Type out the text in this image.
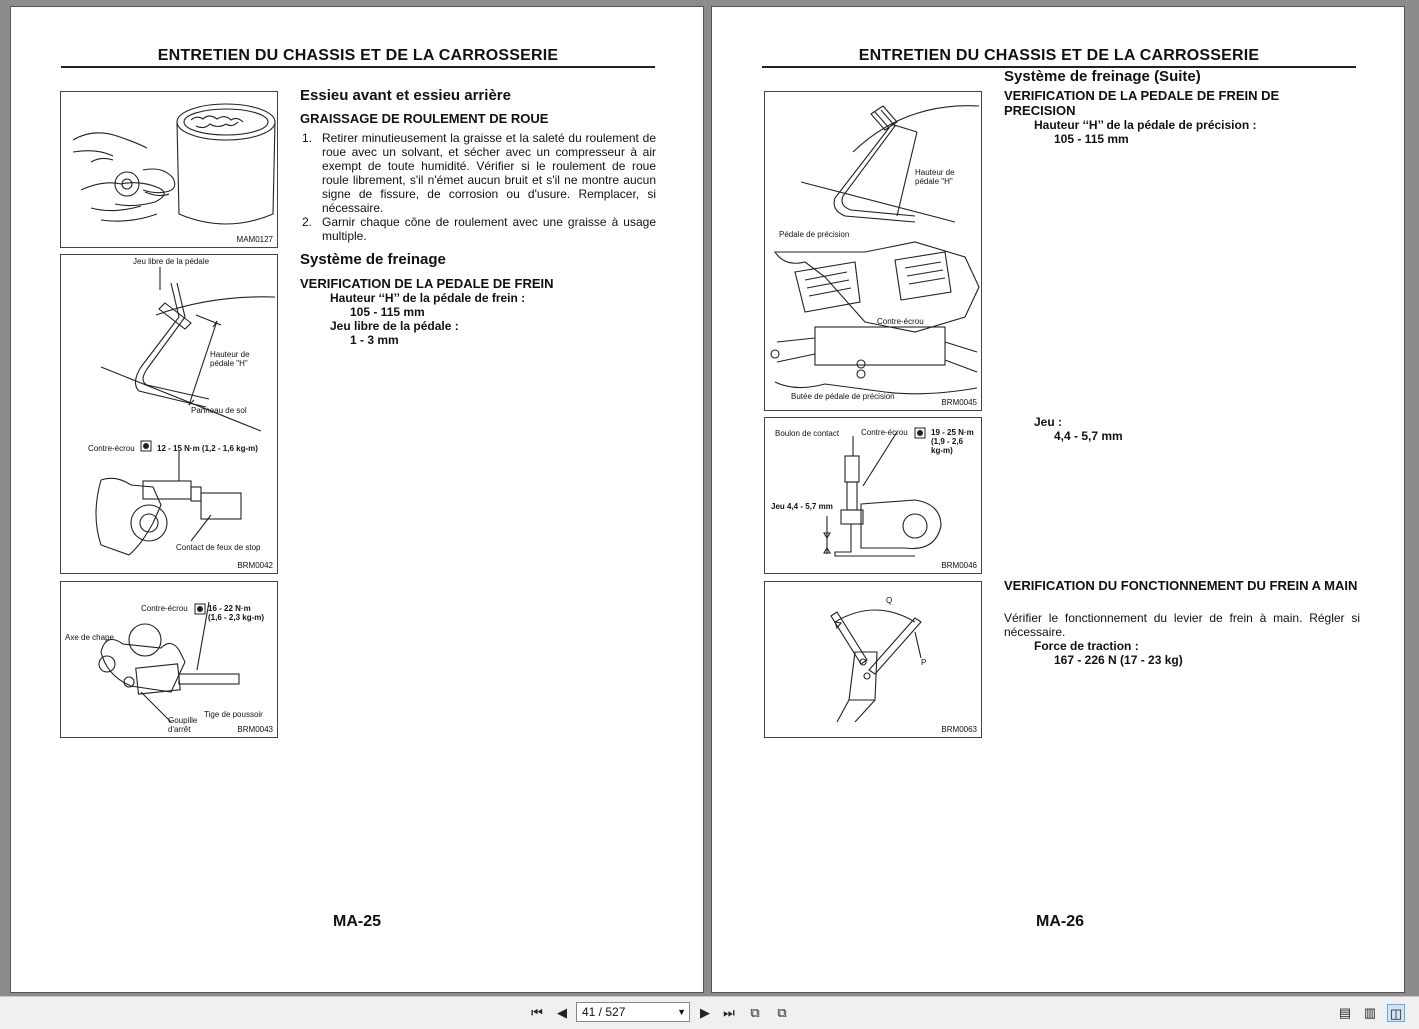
ENTRETIEN DU CHASSIS ET DE LA CARROSSERIE
MAM0127
Jeu libre de la pédale
Hauteur de
pédale "H"
Panneau de sol
Contre-écrou	12 - 15 N·m (1,2 - 1,6 kg-m)
Contact de feux de stop
BRM0042
Contre-écrou	16 - 22 N·m
(1,6 - 2,3 kg-m)
Axe de chape
Goupille
d'arrêt
Tige de poussoir
BRM0043
Essieu avant et essieu arrière
GRAISSAGE DE ROULEMENT DE ROUE
1. Retirer minutieusement la graisse et la saleté du roulement de roue avec un solvant, et sécher avec un compresseur à air exempt de toute humidité. Vérifier si le roulement de roue roule librement, s'il n'émet aucun bruit et s'il ne montre aucun signe de fissure, de corrosion ou d'usure. Remplacer, si nécessaire.
2. Garnir chaque cône de roulement avec une graisse à usage multiple.
Système de freinage
VERIFICATION DE LA PEDALE DE FREIN
Hauteur ‘‘H’’ de la pédale de frein :
105 - 115 mm
Jeu libre de la pédale :
1 - 3 mm
MA-25
ENTRETIEN DU CHASSIS ET DE LA CARROSSERIE
Hauteur de
pédale "H"
Pédale de précision
Contre-écrou
Butée de pédale de précision
BRM0045
Boulon de contact	Contre-écrou	19 - 25 N·m
(1,9 - 2,6
kg-m)
Jeu 4,4 - 5,7 mm
BRM0046
Q
P
BRM0063
Système de freinage (Suite)
VERIFICATION DE LA PEDALE DE FREIN DE PRECISION
Hauteur ‘‘H’’ de la pédale de précision :
105 - 115 mm
Jeu :
4,4 - 5,7 mm
VERIFICATION DU FONCTIONNEMENT DU FREIN A MAIN
Vérifier le fonctionnement du levier de frein à main. Régler si nécessaire.
Force de traction :
167 - 226 N (17 - 23 kg)
MA-26
⏮	◀	41 / 527	▼	▶	⏭	⧉	⧉	▤ ▥ ◫
